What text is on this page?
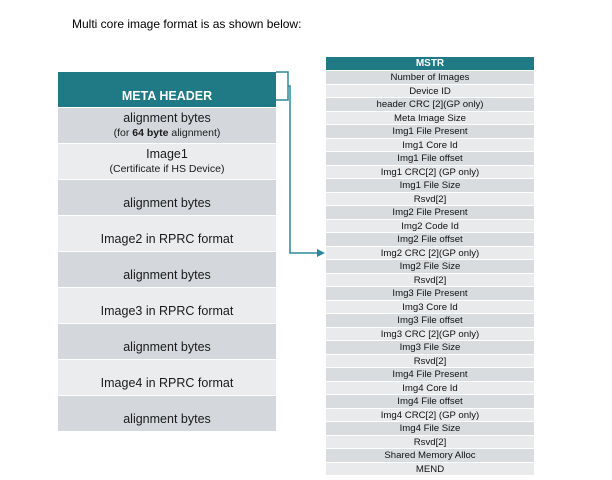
Multi core image format is as shown below:
META HEADER
alignment bytes
(for 64 byte alignment)
Image1
(Certificate if HS Device)
alignment bytes
Image2 in RPRC format
alignment bytes
Image3 in RPRC format
alignment bytes
Image4 in RPRC format
alignment bytes
MSTR
Number of Images
Device ID
header CRC [2](GP only)
Meta Image Size
Img1 File Present
Img1 Core Id
Img1 File offset
Img1 CRC[2] (GP only)
Img1 File Size
Rsvd[2]
Img2 File Present
Img2 Code Id
Img2 File offset
Img2 CRC [2](GP only)
Img2 File Size
Rsvd[2]
Img3 File Present
Img3 Core Id
Img3 File offset
Img3 CRC [2](GP only)
Img3 File Size
Rsvd[2]
Img4 File Present
Img4 Core Id
Img4 File offset
Img4 CRC[2] (GP only)
Img4 File Size
Rsvd[2]
Shared Memory Alloc
MEND
